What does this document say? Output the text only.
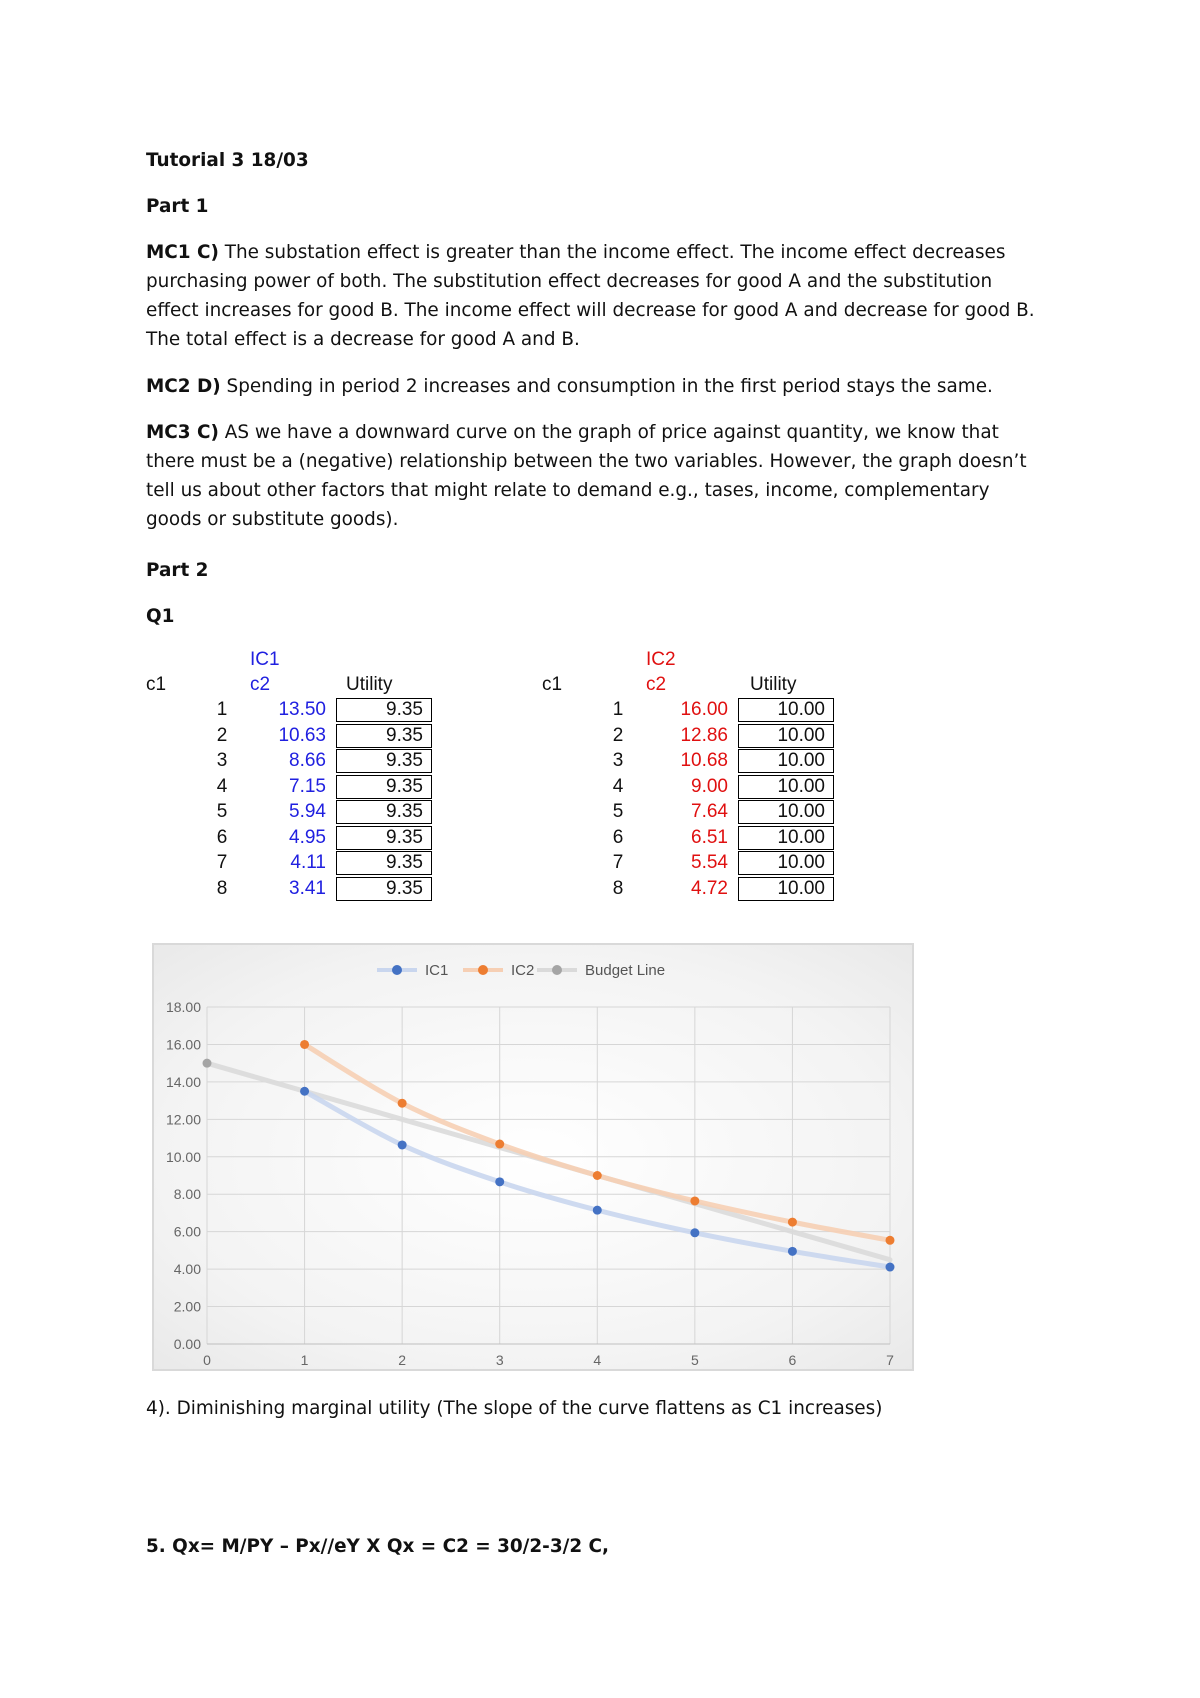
Tutorial 3 18/03
Part 1

MC1 C) The substation effect is greater than the income effect. The income effect decreases purchasing power of both. The substitution effect decreases for good A and the substitution effect increases for good B. The income effect will decrease for good A and decrease for good B. The total effect is a decrease for good A and B.

MC2 D) Spending in period 2 increases and consumption in the first period stays the same.

MC3 C) AS we have a downward curve on the graph of price against quantity, we know that there must be a (negative) relationship between the two variables. However, the graph doesn’t tell us about other factors that might relate to demand e.g., tases, income, complementary goods or substitute goods).

Part 2
Q1
IC1
c1	c2	Utility
1	13.50	9.35
2	10.63	9.35
3	8.66	9.35
4	7.15	9.35
5	5.94	9.35
6	4.95	9.35
7	4.11	9.35
8	3.41	9.35
IC2
c1	c2	Utility
1	16.00	10.00
2	12.86	10.00
3	10.68	10.00
4	9.00	10.00
5	7.64	10.00
6	6.51	10.00
7	5.54	10.00
8	4.72	10.00
0.00
2.00
4.00
6.00
8.00
10.00
12.00
14.00
16.00
18.00
0	1	2	3	4	5	6	7
IC1	IC2	Budget Line
4). Diminishing marginal utility (The slope of the curve flattens as C1 increases)
5. Qx= M/PY – Px//eY X Qx = C2 = 30/2-3/2 C,
